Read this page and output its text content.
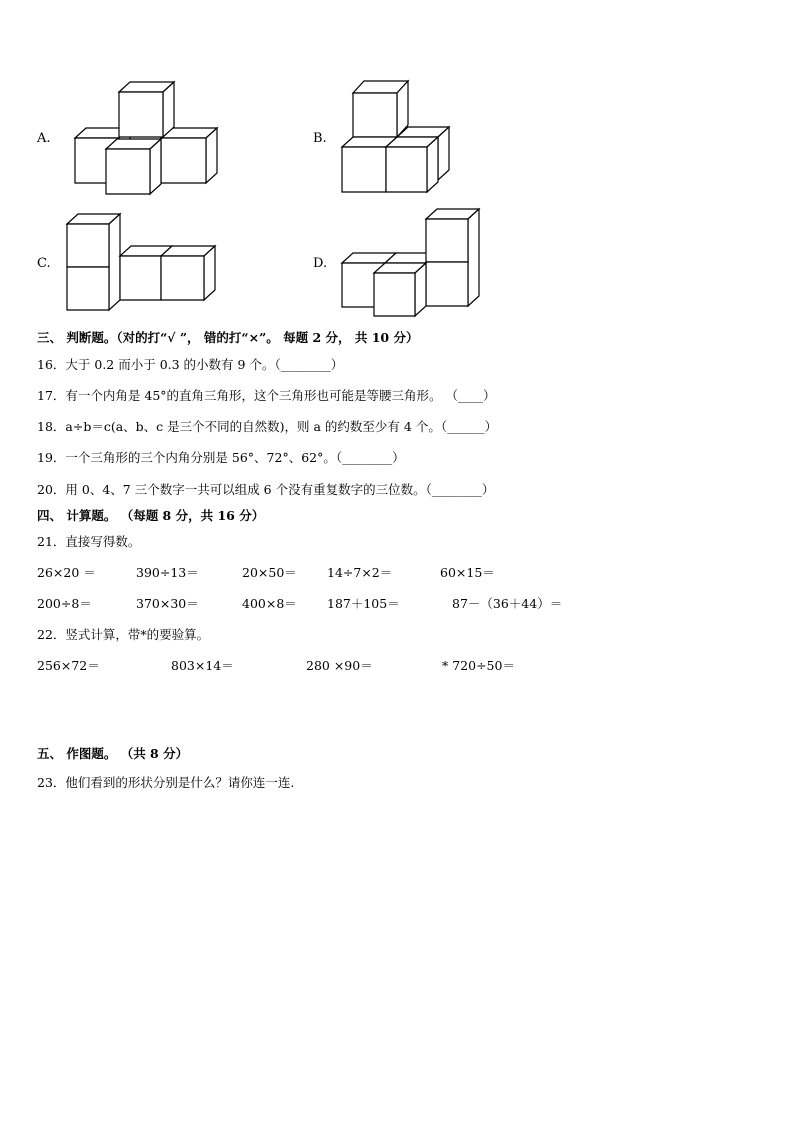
A.	B.
C.	D.
三、 判断题。（对的打“√ ”， 错的打“×”。 每题 2 分， 共 10 分）
16．大于 0.2 而小于 0.3 的小数有 9 个。（________）
17．有一个内角是 45°的直角三角形，这个三角形也可能是等腰三角形。 （____）
18．a÷b＝c(a、b、c 是三个不同的自然数)，则 a 的约数至少有 4 个。（______）
19．一个三角形的三个内角分别是 56°、72°、62°。（________）
20．用 0、4、7 三个数字一共可以组成 6 个没有重复数字的三位数。（________）
四、 计算题。 （每题 8 分，共 16 分）
21．直接写得数。
26×20 ＝	390÷13＝	20×50＝ 14÷7×2＝	60×15＝
200÷8＝	370×30＝	400×8＝ 187＋105＝	87－（36＋44）＝
22．竖式计算，带*的要验算。
256×72＝	803×14＝	280 ×90＝	* 720÷50＝
五、 作图题。 （共 8 分）
23．他们看到的形状分别是什么？请你连一连.
